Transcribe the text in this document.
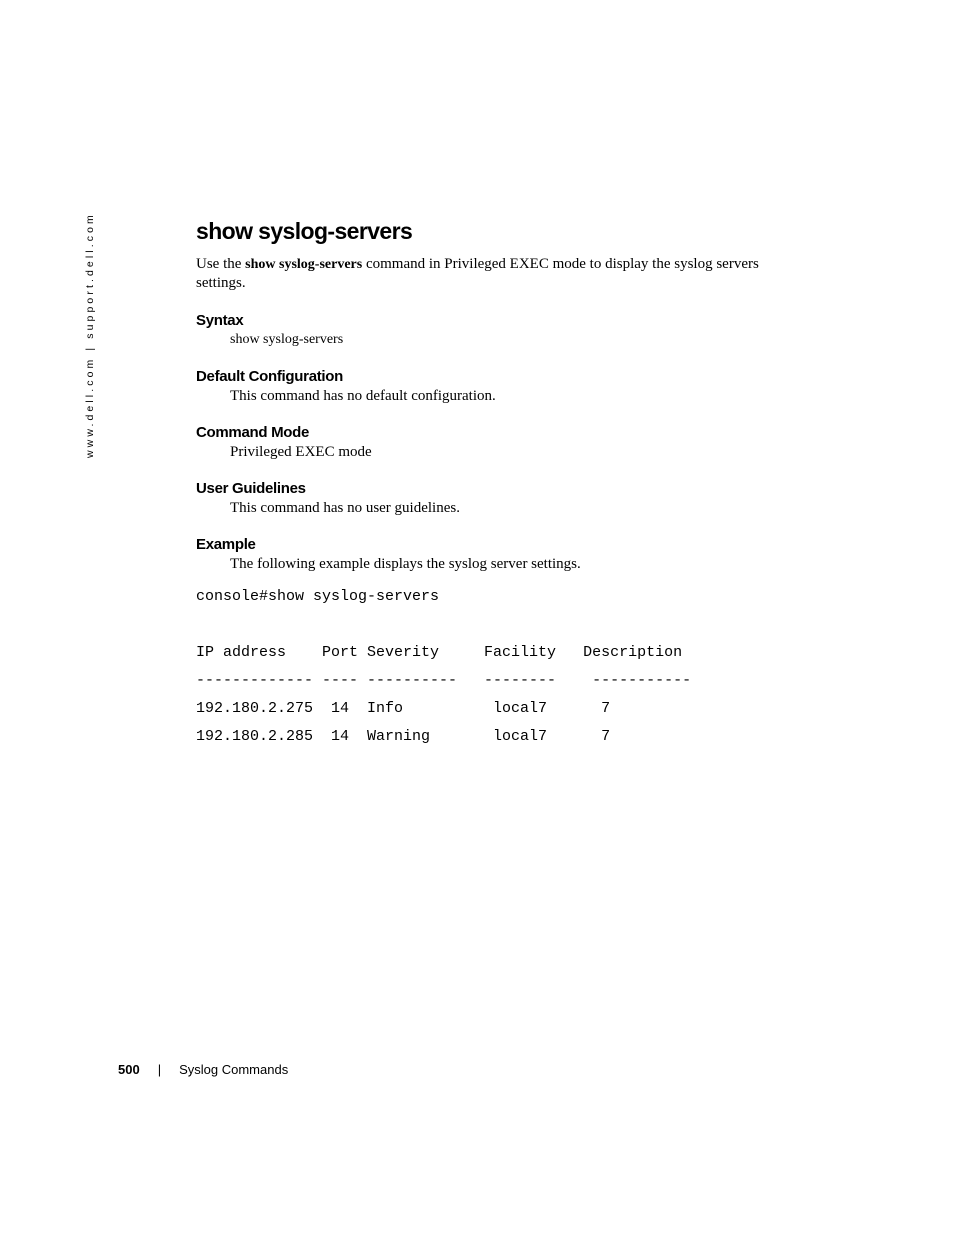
www.dell.com | support.dell.com	show syslog-servers

Use the show syslog-servers command in Privileged EXEC mode to display the syslog servers settings.

Syntax

show syslog-servers

Default Configuration

This command has no default configuration.

Command Mode

Privileged EXEC mode

User Guidelines

This command has no user guidelines.

Example

The following example displays the syslog server settings.

console#show syslog-servers
IP address    Port Severity     Facility   Description
------------- ---- ----------   --------    -----------
192.180.2.275  14  Info          local7      7
192.180.2.285  14  Warning       local7      7
500 | Syslog Commands
